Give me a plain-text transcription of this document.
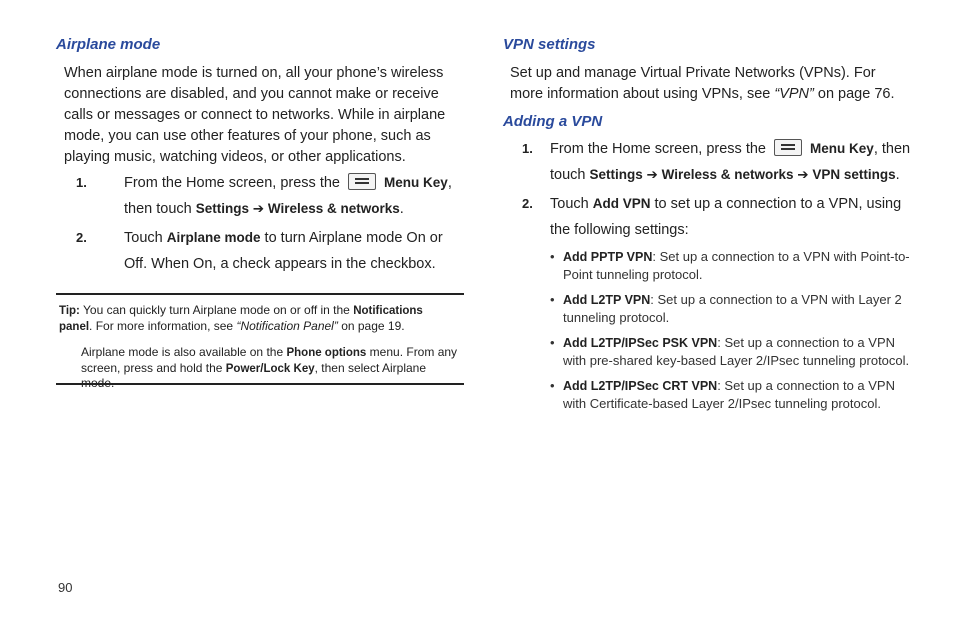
Airplane mode

When airplane mode is turned on, all your phone’s wireless connections are disabled, and you cannot make or receive calls or messages or connect to networks. While in airplane mode, you can use other features of your phone, such as playing music, watching videos, or other applications.

1.	From the Home screen, press the	Menu Key, then touch Settings ➔ Wireless & networks.
2.	Touch Airplane mode to turn Airplane mode On or Off. When On, a check appears in the checkbox.
Tip: You can quickly turn Airplane mode on or off in the Notifications panel. For more information, see “Notification Panel” on page 19.
Airplane mode is also available on the Phone options menu. From any screen, press and hold the Power/Lock Key, then select Airplane mode.
VPN settings

Set up and manage Virtual Private Networks (VPNs). For more information about using VPNs, see “VPN” on page 76.

Adding a VPN
1. From the Home screen, press the	Menu Key, then touch Settings ➔ Wireless & networks ➔ VPN settings.
2. Touch Add VPN to set up a connection to a VPN, using the following settings:
• Add PPTP VPN: Set up a connection to a VPN with Point-to-Point tunneling protocol.
• Add L2TP VPN: Set up a connection to a VPN with Layer 2 tunneling protocol.
• Add L2TP/IPSec PSK VPN: Set up a connection to a VPN with pre-shared key-based Layer 2/IPsec tunneling protocol.
• Add L2TP/IPSec CRT VPN: Set up a connection to a VPN with Certificate-based Layer 2/IPsec tunneling protocol.
90
